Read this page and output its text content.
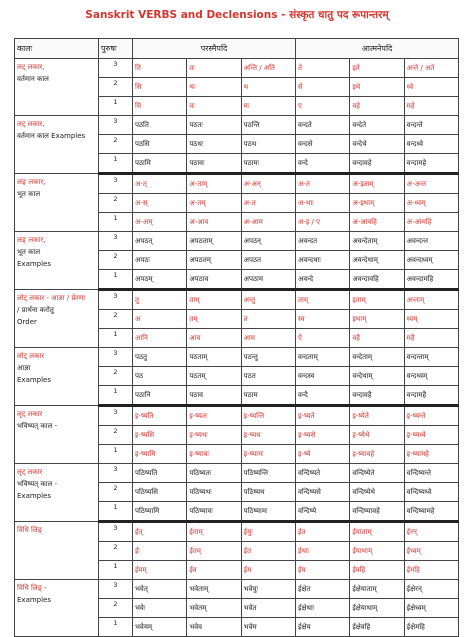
Sanskrit VERBS and Declensions - संस्कृत धातु पद रूपान्तरम्
कालः	पुरुषः	परस्मैपदि			आत्मनेपदि		

लट् लकार,
वर्तमान काल	3	ति	तः	अन्ति / अति	ते	इते	अन्ते / अते
	2	सि	थः	थ	से	इथे	ध्वे
	1	मि	वः	मः	ए	वहे	महे

लट् लकार,
वर्तमान काल Examples	3	पठति	पठतः	पठन्ति	वन्दते	वन्देते	वन्दन्ते
	2	पठसि	पठथः	पठथ	वन्दसे	वन्देथे	वन्दध्वे
	1	पठामि	पठावः	पठामः	वन्दे	वन्दावहे	वन्दामहे

लङ् लकार,
भूत काल	3	अ-त्	अ-ताम्	अ-अन्	अ-त	अ-इताम्	अ-अन्त
	2	अ-स्	अ-तम्	अ-त	अ-थाः	अ-इथाम्	अ-ध्वम्
	1	अ-अम्	अ-आव	अ-आम	अ-इ / ए	अ-आवहि	अ-आमहि

लङ् लकार,
भूत काल
Examples	3	अपठत्	अपठताम्	अपठन्	अवन्दत	अवन्देताम्	अवन्दन्त
	2	अपठः	अपठतम्	अपठत	अवन्दथाः	अवन्देथाम्	अवन्दध्वम्
	1	अपठम्	अपठाव	अपठाम	अवन्दे	अवन्दावहि	अवन्दामहि

लोट् लकार - आज्ञा / प्रेरणा
/ प्रार्थना करोतु
Order	3	तु	ताम्	अन्तु	ताम्	इताम्	अन्ताम्
	2	अ	तम्	त	स्व	इथाम्	ध्वम्
	1	आनि	आव	आम	ऐ	वहै	महै

लोट् लकार
आज्ञा
Examples	3	पठतु	पठताम्	पठन्तु	वन्दताम्	वन्देताम्	वन्दन्ताम्
	2	पठ	पठतम्	पठत	वन्दस्व	वन्देथाम्	वन्दध्वम्
	1	पठानि	पठाव	पठाम	वन्दै	वन्दावहै	वन्दामहै

लृट् लकार
भविष्यत् काल -	3	इ-ष्यति	इ-ष्यतः	इ-ष्यन्ति	इ-ष्यते	इ-ष्येते	इ-ष्यन्ते
	2	इ-ष्यसि	इ-ष्यथः	इ-ष्यथ	इ-ष्यसे	इ-ष्येथे	इ-ष्यध्वे
	1	इ-ष्यामि	इ-ष्यावः	इ-ष्यामः	इ-ष्ये	इ-ष्यावहे	इ-ष्यामहे

लृट् लकार
भविष्यत् काल -
Examples	3	पठिष्यति	पठिष्यतः	पठिष्यन्ति	वन्दिष्यते	वन्दिष्येते	वन्दिष्यन्ते
	2	पठिष्यसि	पठिष्यथः	पठिष्यथ	वन्दिष्यसे	वन्दिष्येथे	वन्दिष्यध्वे
	1	पठिष्यामि	पठिष्यावः	पठिष्यामः	वन्दिष्ये	वन्दिष्यावहे	वन्दिष्यामहे

विधि लिङ्	3	ईत्	ईताम्	ईयुः	ईत	ईयाताम्	ईरन्
	2	ईः	ईतम्	ईत	ईथाः	ईयाथाम्	ईध्वम्
	1	ईयम्	ईव	ईम	ईय	ईवहि	ईमहि

विधि लिङ् -
Examples	3	भवेत्	भवेताम्	भवेयुः	ईक्षेत	ईक्षेयाताम्	ईक्षेरन्
	2	भवेः	भवेतम्	भवेत	ईक्षेथाः	ईक्षेयाथाम्	ईक्षेध्वम्
	1	भवेयम्	भवेव	भवेम	ईक्षेय	ईक्षेवहि	ईक्षेमहि
